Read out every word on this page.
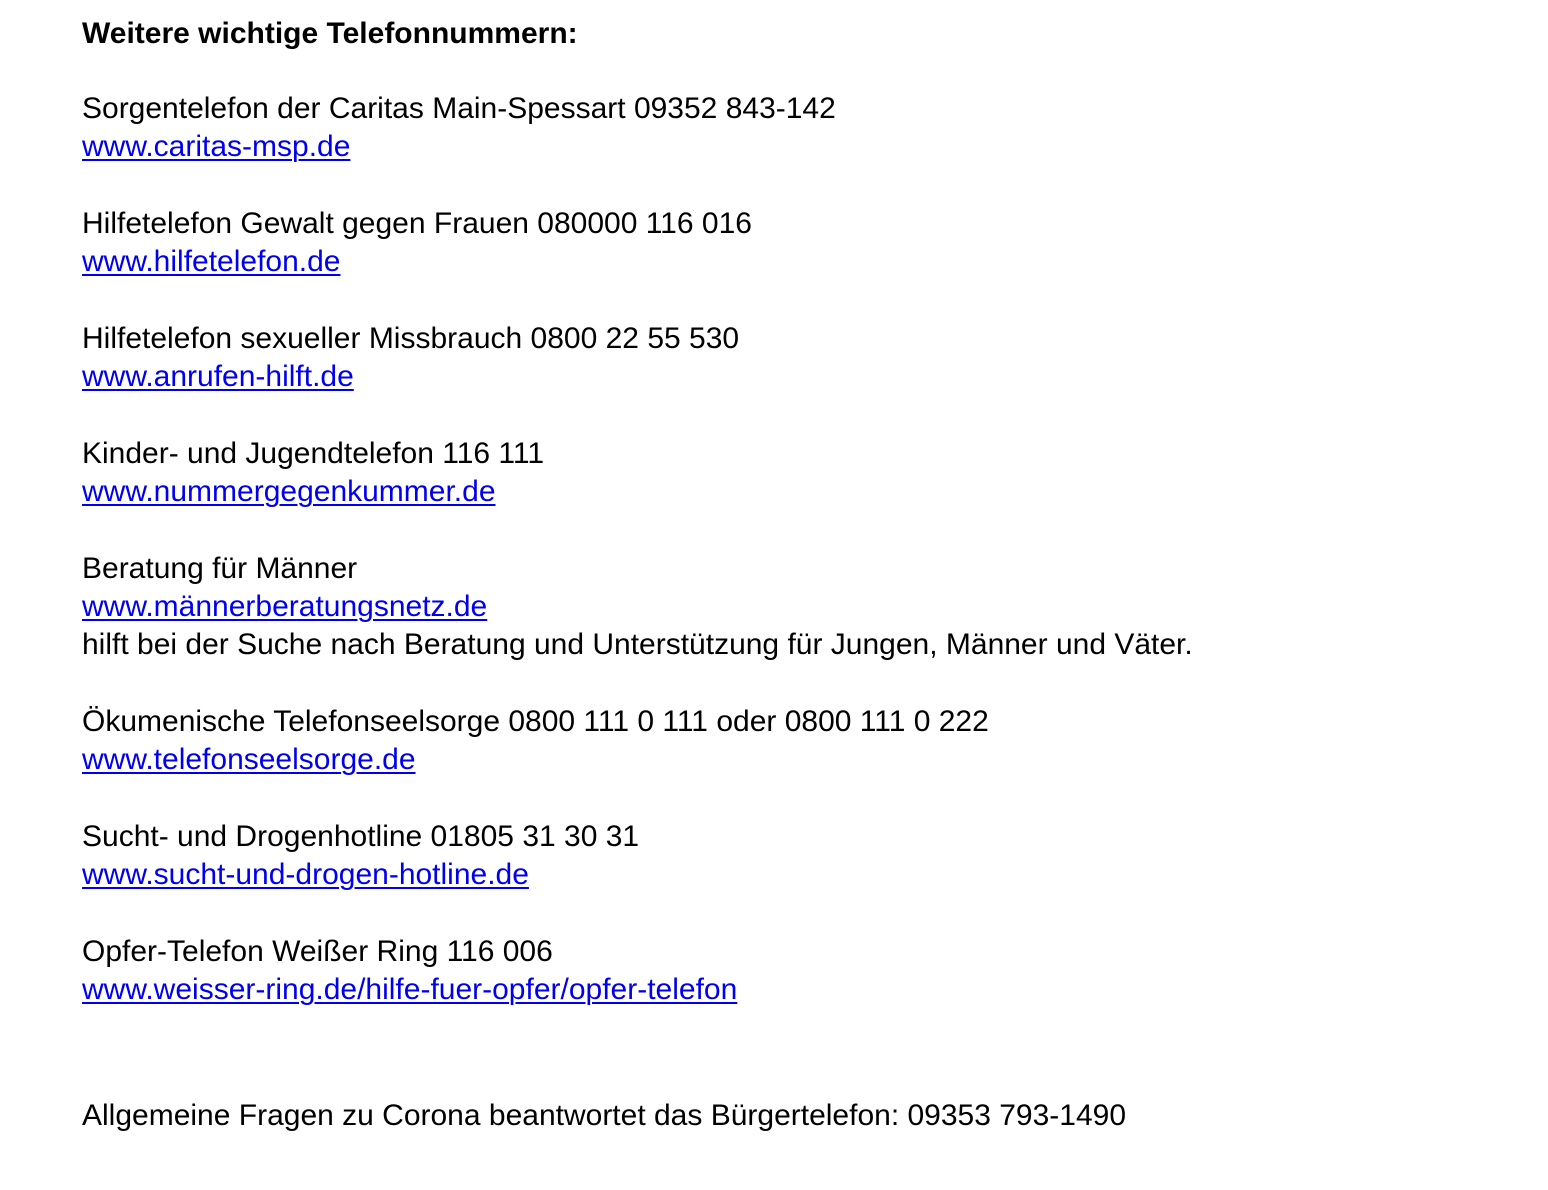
Weitere wichtige Telefonnummern:

Sorgentelefon der Caritas Main-Spessart 09352 843-142
www.caritas-msp.de
Hilfetelefon Gewalt gegen Frauen 080000 116 016
www.hilfetelefon.de
Hilfetelefon sexueller Missbrauch 0800 22 55 530
www.anrufen-hilft.de
Kinder- und Jugendtelefon 116 111
www.nummergegenkummer.de
Beratung für Männer
www.männerberatungsnetz.de
hilft bei der Suche nach Beratung und Unterstützung für Jungen, Männer und Väter.
Ökumenische Telefonseelsorge 0800 111 0 111 oder 0800 111 0 222
www.telefonseelsorge.de
Sucht- und Drogenhotline 01805 31 30 31
www.sucht-und-drogen-hotline.de
Opfer-Telefon Weißer Ring 116 006
www.weisser-ring.de/hilfe-fuer-opfer/opfer-telefon
Allgemeine Fragen zu Corona beantwortet das Bürgertelefon: 09353 793-1490
